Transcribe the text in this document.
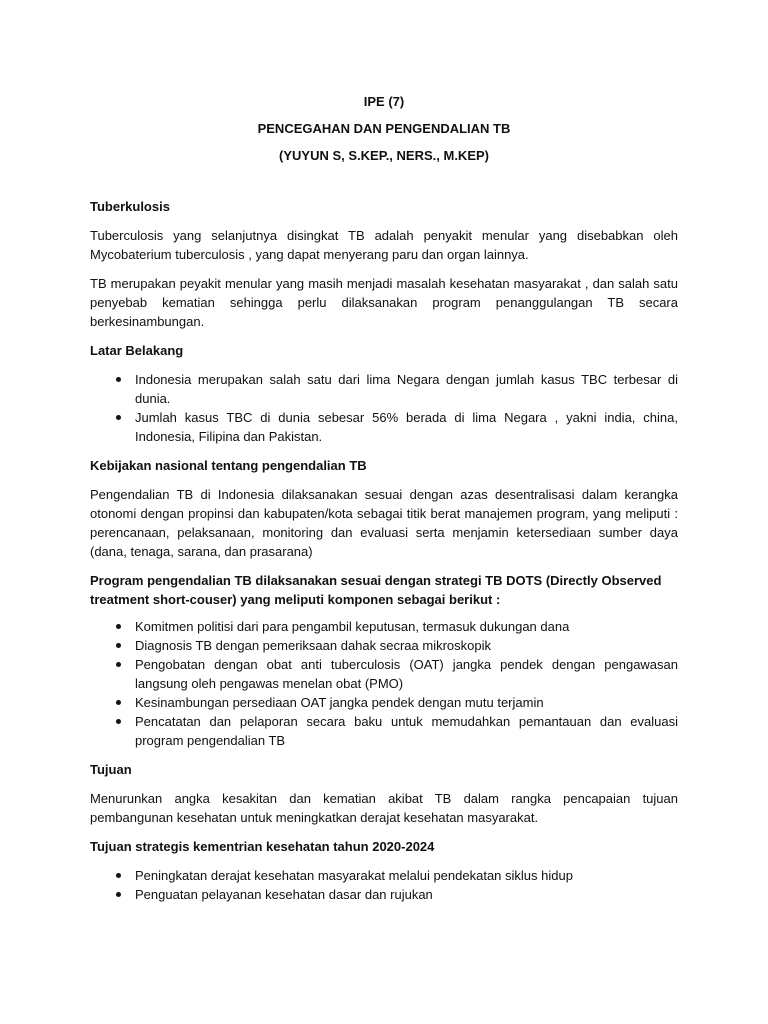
IPE (7)
PENCEGAHAN DAN PENGENDALIAN TB
(YUYUN S, S.KEP., NERS., M.KEP)
Tuberkulosis

Tuberculosis yang selanjutnya disingkat TB adalah penyakit menular yang disebabkan oleh Mycobaterium tuberculosis , yang dapat menyerang paru dan organ lainnya.

TB merupakan peyakit menular yang masih menjadi masalah kesehatan masyarakat , dan salah satu penyebab kematian sehingga perlu dilaksanakan program penanggulangan TB secara berkesinambungan.

Latar Belakang
Indonesia merupakan salah satu dari lima Negara dengan jumlah kasus TBC terbesar di dunia.
Jumlah kasus TBC di dunia sebesar 56% berada di lima Negara , yakni india, china, Indonesia, Filipina dan Pakistan.
Kebijakan nasional tentang pengendalian TB

Pengendalian TB di Indonesia dilaksanakan sesuai dengan azas desentralisasi dalam kerangka otonomi dengan propinsi dan kabupaten/kota sebagai titik berat manajemen program, yang meliputi : perencanaan, pelaksanaan, monitoring dan evaluasi serta menjamin ketersediaan sumber daya (dana, tenaga, sarana, dan prasarana)

Program pengendalian TB dilaksanakan sesuai dengan strategi TB DOTS (Directly Observed treatment short-couser) yang meliputi komponen sebagai berikut :
Komitmen politisi dari para pengambil keputusan, termasuk dukungan dana
Diagnosis TB dengan pemeriksaan dahak secraa mikroskopik
Pengobatan dengan obat anti tuberculosis (OAT) jangka pendek dengan pengawasan langsung oleh pengawas menelan obat (PMO)
Kesinambungan persediaan OAT jangka pendek dengan mutu terjamin
Pencatatan dan pelaporan secara baku untuk memudahkan pemantauan dan evaluasi program pengendalian TB
Tujuan

Menurunkan angka kesakitan dan kematian akibat TB dalam rangka pencapaian tujuan pembangunan kesehatan untuk meningkatkan derajat kesehatan masyarakat.

Tujuan strategis kementrian kesehatan tahun 2020-2024
Peningkatan derajat kesehatan masyarakat melalui pendekatan siklus hidup
Penguatan pelayanan kesehatan dasar dan rujukan
